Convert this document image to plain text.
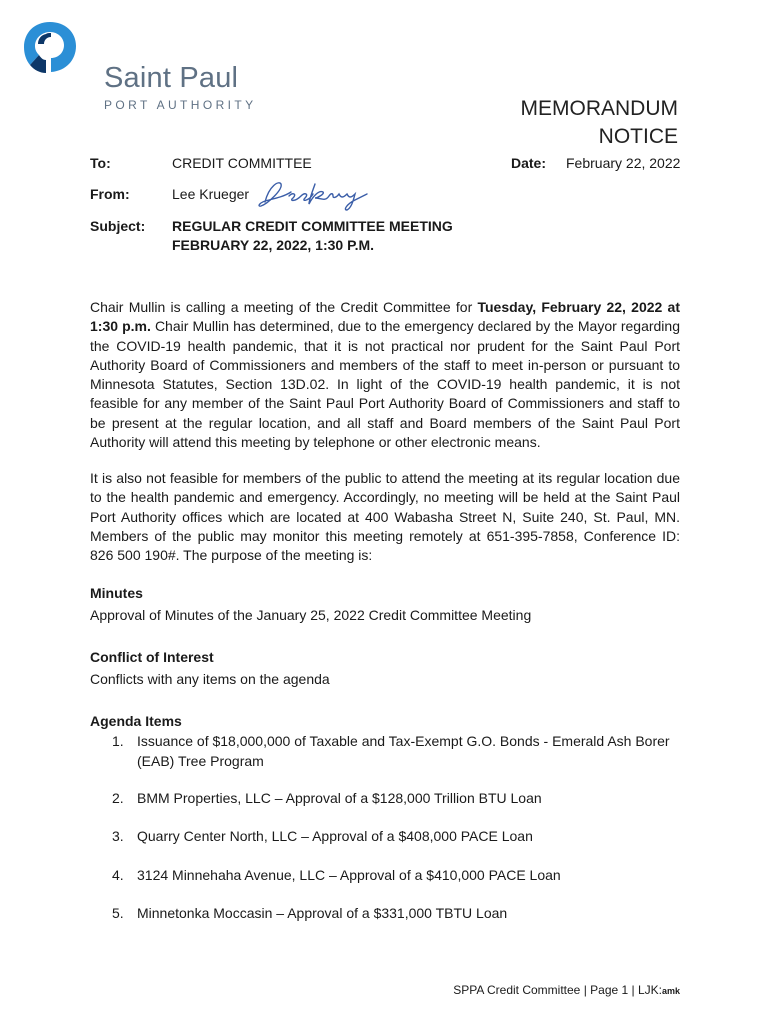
Saint Paul
PORT AUTHORITY	MEMORANDUM
NOTICE
To:	CREDIT COMMITTEE	Date: February 22, 2022
From:	Lee Krueger
Subject: REGULAR CREDIT COMMITTEE MEETING
FEBRUARY 22, 2022, 1:30 P.M.
Chair Mullin is calling a meeting of the Credit Committee for Tuesday, February 22, 2022 at 1:30 p.m. Chair Mullin has determined, due to the emergency declared by the Mayor regarding the COVID-19 health pandemic, that it is not practical nor prudent for the Saint Paul Port Authority Board of Commissioners and members of the staff to meet in-person or pursuant to Minnesota Statutes, Section 13D.02. In light of the COVID-19 health pandemic, it is not feasible for any member of the Saint Paul Port Authority Board of Commissioners and staff to be present at the regular location, and all staff and Board members of the Saint Paul Port Authority will attend this meeting by telephone or other electronic means.
It is also not feasible for members of the public to attend the meeting at its regular location due to the health pandemic and emergency. Accordingly, no meeting will be held at the Saint Paul Port Authority offices which are located at 400 Wabasha Street N, Suite 240, St. Paul, MN. Members of the public may monitor this meeting remotely at 651-395-7858, Conference ID: 826 500 190#. The purpose of the meeting is:
Minutes
Approval of Minutes of the January 25, 2022 Credit Committee Meeting
Conflict of Interest
Conflicts with any items on the agenda
Agenda Items
1. Issuance of $18,000,000 of Taxable and Tax-Exempt G.O. Bonds - Emerald Ash Borer (EAB) Tree Program
2. BMM Properties, LLC – Approval of a $128,000 Trillion BTU Loan
3. Quarry Center North, LLC – Approval of a $408,000 PACE Loan
4. 3124 Minnehaha Avenue, LLC – Approval of a $410,000 PACE Loan
5. Minnetonka Moccasin – Approval of a $331,000 TBTU Loan
SPPA Credit Committee | Page 1 | LJK:amk
